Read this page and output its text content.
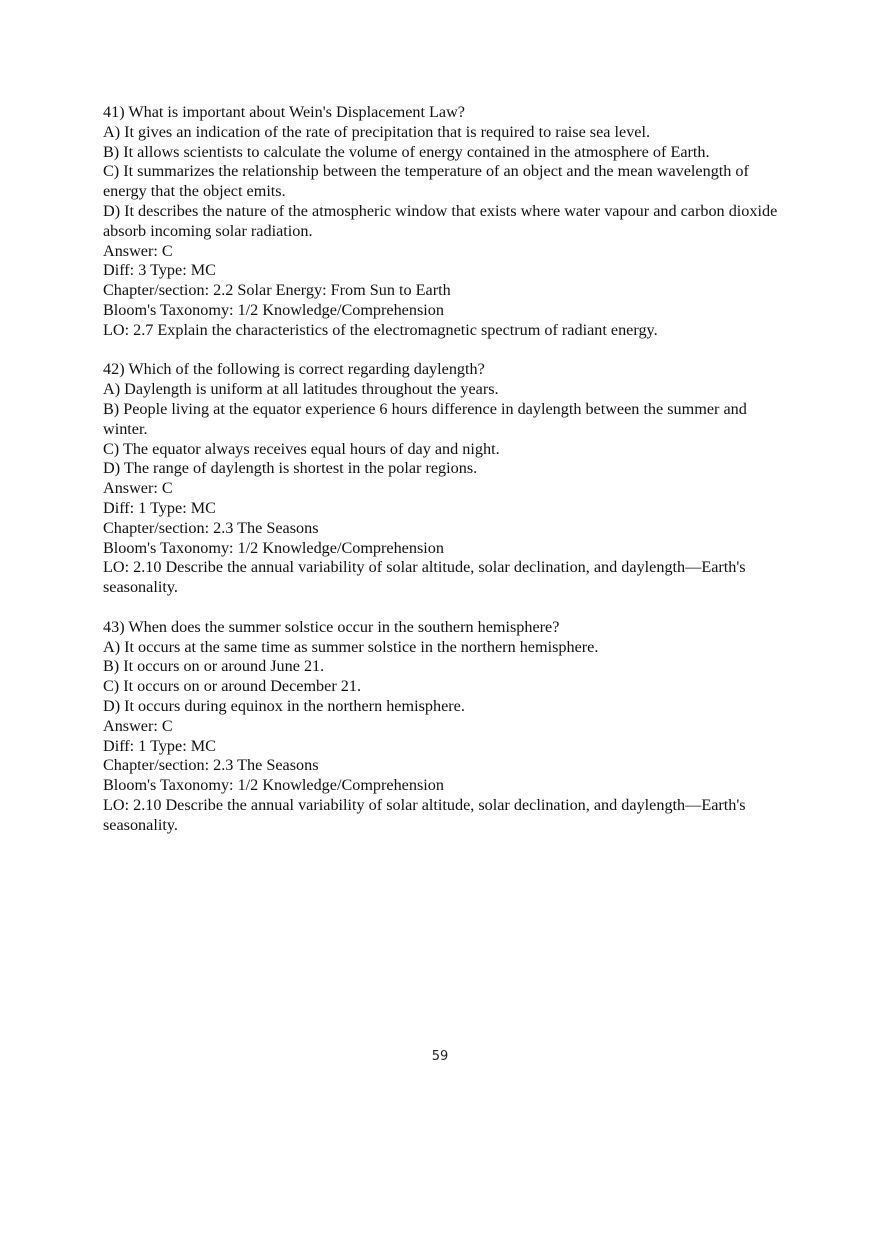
41) What is important about Wein's Displacement Law?
A) It gives an indication of the rate of precipitation that is required to raise sea level.
B) It allows scientists to calculate the volume of energy contained in the atmosphere of Earth.
C) It summarizes the relationship between the temperature of an object and the mean wavelength of energy that the object emits.
D) It describes the nature of the atmospheric window that exists where water vapour and carbon dioxide absorb incoming solar radiation.
Answer: C
Diff: 3 Type: MC
Chapter/section: 2.2 Solar Energy: From Sun to Earth
Bloom's Taxonomy: 1/2 Knowledge/Comprehension
LO: 2.7 Explain the characteristics of the electromagnetic spectrum of radiant energy.
42) Which of the following is correct regarding daylength?
A) Daylength is uniform at all latitudes throughout the years.
B) People living at the equator experience 6 hours difference in daylength between the summer and winter.
C) The equator always receives equal hours of day and night.
D) The range of daylength is shortest in the polar regions.
Answer: C
Diff: 1 Type: MC
Chapter/section: 2.3 The Seasons
Bloom's Taxonomy: 1/2 Knowledge/Comprehension
LO: 2.10 Describe the annual variability of solar altitude, solar declination, and daylength—Earth's seasonality.
43) When does the summer solstice occur in the southern hemisphere?
A) It occurs at the same time as summer solstice in the northern hemisphere.
B) It occurs on or around June 21.
C) It occurs on or around December 21.
D) It occurs during equinox in the northern hemisphere.
Answer: C
Diff: 1 Type: MC
Chapter/section: 2.3 The Seasons
Bloom's Taxonomy: 1/2 Knowledge/Comprehension
LO: 2.10 Describe the annual variability of solar altitude, solar declination, and daylength—Earth's seasonality.
59
